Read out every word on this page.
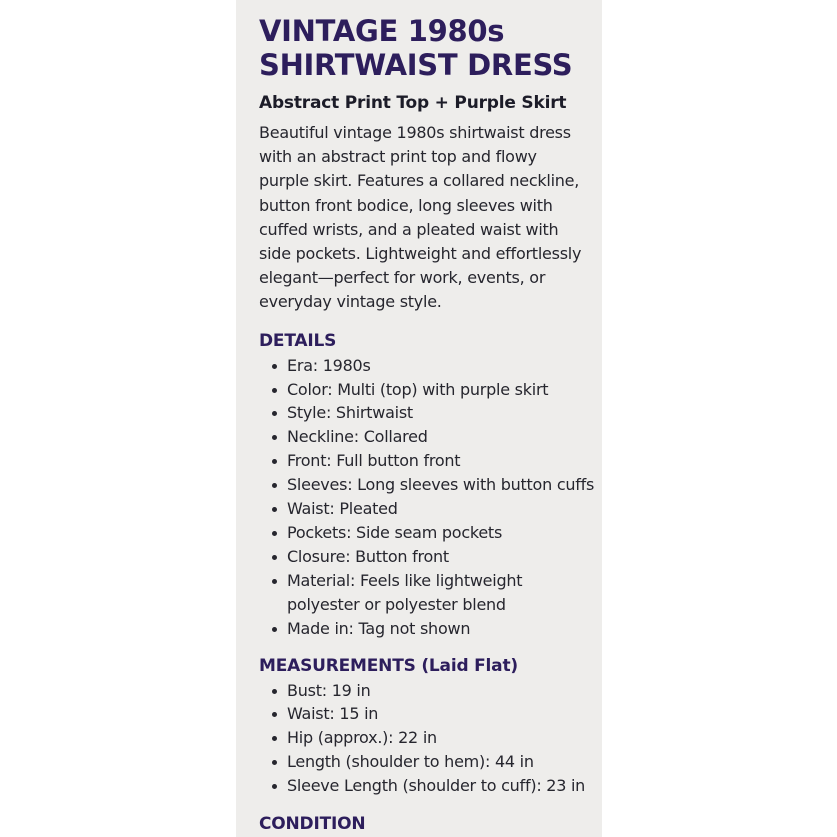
VINTAGE 1980s
SHIRTWAIST DRESS
Abstract Print Top + Purple Skirt

Beautiful vintage 1980s shirtwaist dress with an abstract print top and flowy purple skirt. Features a collared neckline, button front bodice, long sleeves with cuffed wrists, and a pleated waist with side pockets. Lightweight and effortlessly elegant—perfect for work, events, or everyday vintage style.

DETAILS
Era: 1980s
Color: Multi (top) with purple skirt
Style: Shirtwaist
Neckline: Collared
Front: Full button front
Sleeves: Long sleeves with button cuffs
Waist: Pleated
Pockets: Side seam pockets
Closure: Button front
Material: Feels like lightweight polyester or polyester blend
Made in: Tag not shown
MEASUREMENTS (Laid Flat)
Bust: 19 in
Waist: 15 in
Hip (approx.): 22 in
Length (shoulder to hem): 44 in
Sleeve Length (shoulder to cuff): 23 in
CONDITION
